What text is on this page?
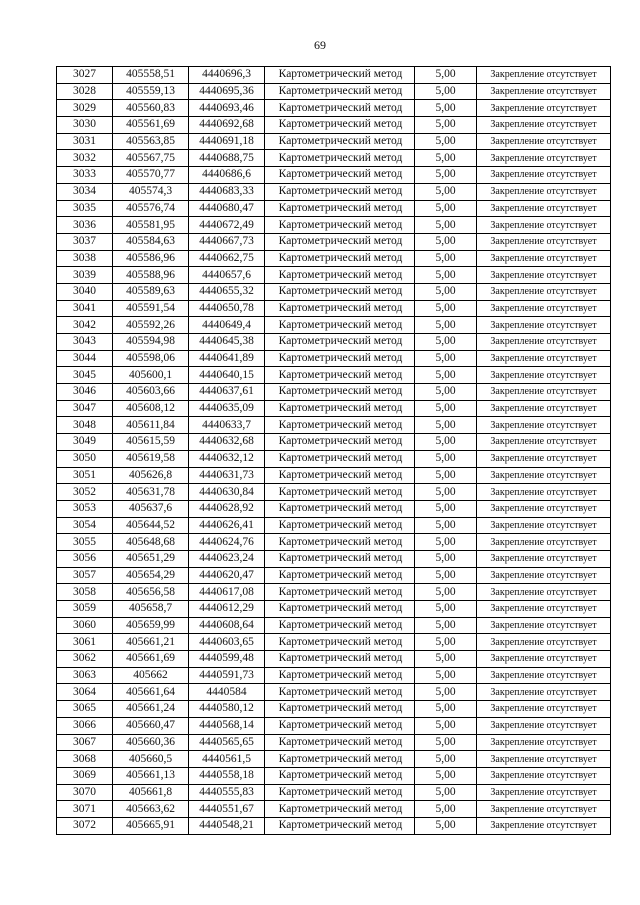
69
3027	405558,51	4440696,3	Картометрический метод	5,00	Закрепление отсутствует
3028	405559,13	4440695,36	Картометрический метод	5,00	Закрепление отсутствует
3029	405560,83	4440693,46	Картометрический метод	5,00	Закрепление отсутствует
3030	405561,69	4440692,68	Картометрический метод	5,00	Закрепление отсутствует
3031	405563,85	4440691,18	Картометрический метод	5,00	Закрепление отсутствует
3032	405567,75	4440688,75	Картометрический метод	5,00	Закрепление отсутствует
3033	405570,77	4440686,6	Картометрический метод	5,00	Закрепление отсутствует
3034	405574,3	4440683,33	Картометрический метод	5,00	Закрепление отсутствует
3035	405576,74	4440680,47	Картометрический метод	5,00	Закрепление отсутствует
3036	405581,95	4440672,49	Картометрический метод	5,00	Закрепление отсутствует
3037	405584,63	4440667,73	Картометрический метод	5,00	Закрепление отсутствует
3038	405586,96	4440662,75	Картометрический метод	5,00	Закрепление отсутствует
3039	405588,96	4440657,6	Картометрический метод	5,00	Закрепление отсутствует
3040	405589,63	4440655,32	Картометрический метод	5,00	Закрепление отсутствует
3041	405591,54	4440650,78	Картометрический метод	5,00	Закрепление отсутствует
3042	405592,26	4440649,4	Картометрический метод	5,00	Закрепление отсутствует
3043	405594,98	4440645,38	Картометрический метод	5,00	Закрепление отсутствует
3044	405598,06	4440641,89	Картометрический метод	5,00	Закрепление отсутствует
3045	405600,1	4440640,15	Картометрический метод	5,00	Закрепление отсутствует
3046	405603,66	4440637,61	Картометрический метод	5,00	Закрепление отсутствует
3047	405608,12	4440635,09	Картометрический метод	5,00	Закрепление отсутствует
3048	405611,84	4440633,7	Картометрический метод	5,00	Закрепление отсутствует
3049	405615,59	4440632,68	Картометрический метод	5,00	Закрепление отсутствует
3050	405619,58	4440632,12	Картометрический метод	5,00	Закрепление отсутствует
3051	405626,8	4440631,73	Картометрический метод	5,00	Закрепление отсутствует
3052	405631,78	4440630,84	Картометрический метод	5,00	Закрепление отсутствует
3053	405637,6	4440628,92	Картометрический метод	5,00	Закрепление отсутствует
3054	405644,52	4440626,41	Картометрический метод	5,00	Закрепление отсутствует
3055	405648,68	4440624,76	Картометрический метод	5,00	Закрепление отсутствует
3056	405651,29	4440623,24	Картометрический метод	5,00	Закрепление отсутствует
3057	405654,29	4440620,47	Картометрический метод	5,00	Закрепление отсутствует
3058	405656,58	4440617,08	Картометрический метод	5,00	Закрепление отсутствует
3059	405658,7	4440612,29	Картометрический метод	5,00	Закрепление отсутствует
3060	405659,99	4440608,64	Картометрический метод	5,00	Закрепление отсутствует
3061	405661,21	4440603,65	Картометрический метод	5,00	Закрепление отсутствует
3062	405661,69	4440599,48	Картометрический метод	5,00	Закрепление отсутствует
3063	405662	4440591,73	Картометрический метод	5,00	Закрепление отсутствует
3064	405661,64	4440584	Картометрический метод	5,00	Закрепление отсутствует
3065	405661,24	4440580,12	Картометрический метод	5,00	Закрепление отсутствует
3066	405660,47	4440568,14	Картометрический метод	5,00	Закрепление отсутствует
3067	405660,36	4440565,65	Картометрический метод	5,00	Закрепление отсутствует
3068	405660,5	4440561,5	Картометрический метод	5,00	Закрепление отсутствует
3069	405661,13	4440558,18	Картометрический метод	5,00	Закрепление отсутствует
3070	405661,8	4440555,83	Картометрический метод	5,00	Закрепление отсутствует
3071	405663,62	4440551,67	Картометрический метод	5,00	Закрепление отсутствует
3072	405665,91	4440548,21	Картометрический метод	5,00	Закрепление отсутствует
